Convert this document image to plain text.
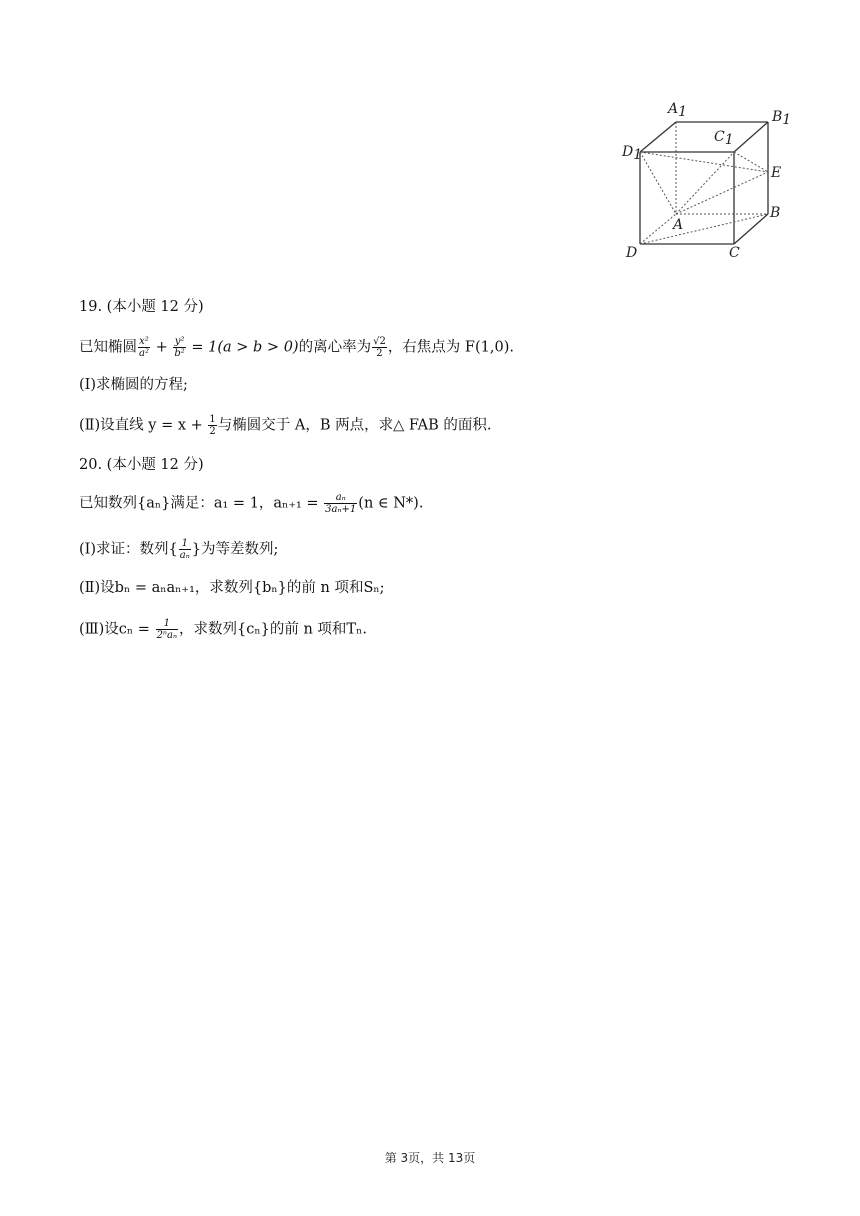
A1	B1
C1
D1
E
B
A
D	C
19. (本小题 12 分)
已知椭圆 $\frac{\text{x²}}{\text{a²}} + \frac{\text{y²}}{\text{b²}} = 1(a > b > 0)$的离心率为 $\frac{√2}{2}$ ，右焦点为 F(1,0).
(Ⅰ)求椭圆的方程;
(Ⅱ)设直线 $y = x + \frac{1}{2}$ 与椭圆交于 A，B 两点，求△ FAB 的面积.
20. (本小题 12 分)
已知数列{aₙ}满足：a₁ = 1，$a_{n+1} = \frac{\text{aₙ}}{\text{3aₙ+1}} (n$ ∈ N*).
(Ⅰ)求证：数列{ $\frac{1}{\text{aₙ}}$ }为等差数列;
(Ⅱ)设bₙ = aₙaₙ₊₁，求数列{bₙ}的前 n 项和Sₙ;
(Ⅲ)设$c_n = \frac{1}{\text{2ⁿaₙ}}$ ，求数列{cₙ}的前 n 项和Tₙ.
第 3页，共 13页
